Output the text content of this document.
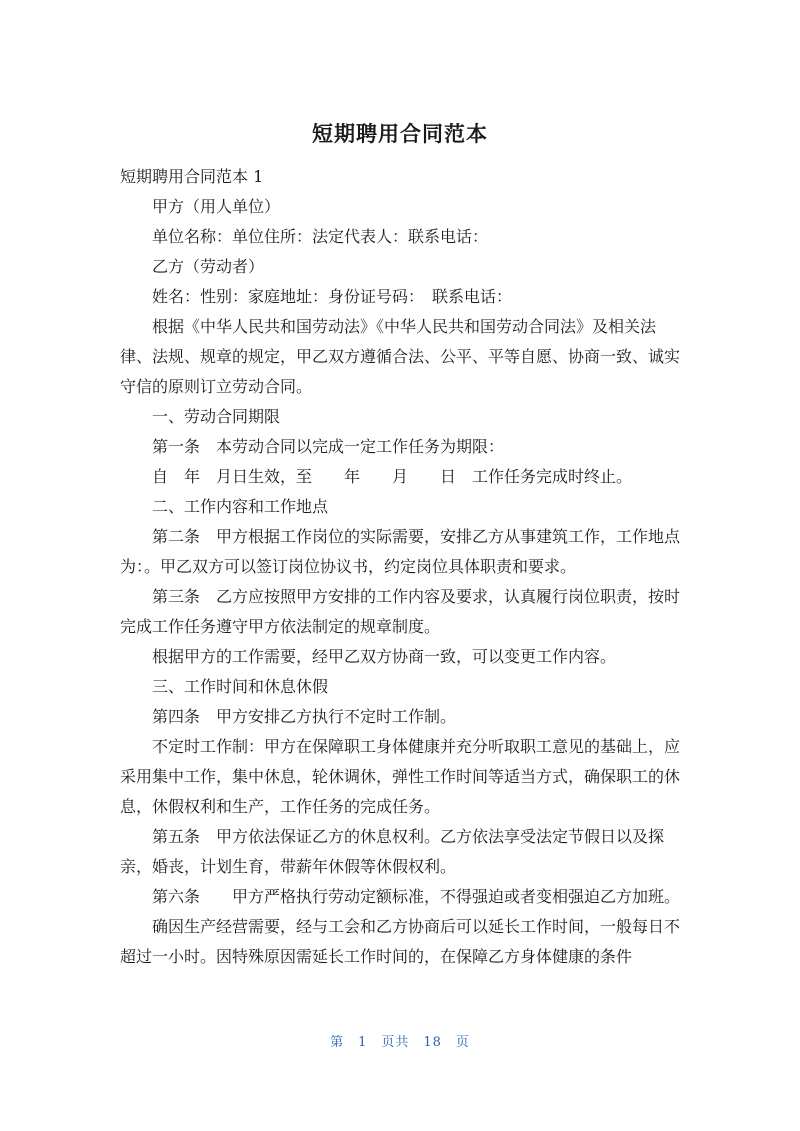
短期聘用合同范本

短期聘用合同范本 1

甲方（用人单位）

单位名称：单位住所：法定代表人：联系电话：

乙方（劳动者）

姓名：性别：家庭地址：身份证号码：　联系电话：

根据《中华人民共和国劳动法》《中华人民共和国劳动合同法》及相关法律、法规、规章的规定，甲乙双方遵循合法、公平、平等自愿、协商一致、诚实守信的原则订立劳动合同。

一、劳动合同期限

第一条　本劳动合同以完成一定工作任务为期限：

自　年　月日生效，至　　年　　月　　日　工作任务完成时终止。

二、工作内容和工作地点

第二条　甲方根据工作岗位的实际需要，安排乙方从事建筑工作，工作地点为：。甲乙双方可以签订岗位协议书，约定岗位具体职责和要求。

第三条　乙方应按照甲方安排的工作内容及要求，认真履行岗位职责，按时完成工作任务遵守甲方依法制定的规章制度。

根据甲方的工作需要，经甲乙双方协商一致，可以变更工作内容。

三、工作时间和休息休假

第四条　甲方安排乙方执行不定时工作制。

不定时工作制：甲方在保障职工身体健康并充分听取职工意见的基础上，应采用集中工作，集中休息，轮休调休，弹性工作时间等适当方式，确保职工的休息，休假权利和生产，工作任务的完成任务。

第五条　甲方依法保证乙方的休息权利。乙方依法享受法定节假日以及探亲，婚丧，计划生育，带薪年休假等休假权利。

第六条　　甲方严格执行劳动定额标准，不得强迫或者变相强迫乙方加班。

确因生产经营需要，经与工会和乙方协商后可以延长工作时间，一般每日不超过一小时。因特殊原因需延长工作时间的，在保障乙方身体健康的条件

第　1　页共　18　页
